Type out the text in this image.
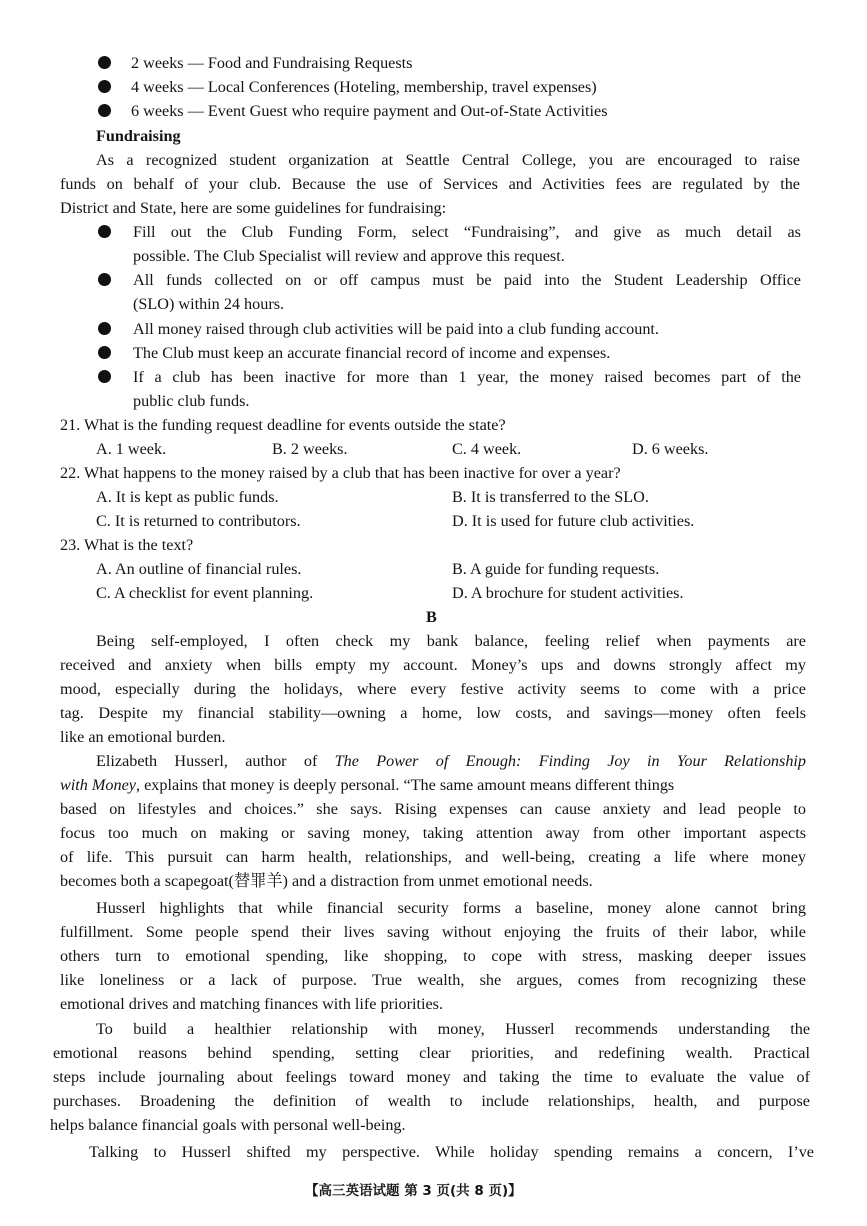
2 weeks — Food and Fundraising Requests
4 weeks — Local Conferences (Hoteling, membership, travel expenses)
6 weeks — Event Guest who require payment and Out-of-State Activities
Fundraising
As a recognized student organization at Seattle Central College, you are encouraged to raise
funds on behalf of your club. Because the use of Services and Activities fees are regulated by the
District and State, here are some guidelines for fundraising:
Fill out the Club Funding Form, select “Fundraising”, and give as much detail as
possible. The Club Specialist will review and approve this request.
All funds collected on or off campus must be paid into the Student Leadership Office
(SLO) within 24 hours.
All money raised through club activities will be paid into a club funding account.
The Club must keep an accurate financial record of income and expenses.
If a club has been inactive for more than 1 year, the money raised becomes part of the
public club funds.
21. What is the funding request deadline for events outside the state?
A. 1 week.	B. 2 weeks.	C. 4 week.	D. 6 weeks.
22. What happens to the money raised by a club that has been inactive for over a year?
A. It is kept as public funds.	B. It is transferred to the SLO.
C. It is returned to contributors.	D. It is used for future club activities.
23. What is the text?
A. An outline of financial rules.	B. A guide for funding requests.
C. A checklist for event planning.	D. A brochure for student activities.
B
Being self-employed, I often check my bank balance, feeling relief when payments are
received and anxiety when bills empty my account. Money’s ups and downs strongly affect my
mood, especially during the holidays, where every festive activity seems to come with a price
tag. Despite my financial stability—owning a home, low costs, and savings—money often feels
like an emotional burden.
Elizabeth Husserl, author of The Power of Enough: Finding Joy in Your Relationship
with Money, explains that money is deeply personal. “The same amount means different things
based on lifestyles and choices.” she says. Rising expenses can cause anxiety and lead people to
focus too much on making or saving money, taking attention away from other important aspects
of life. This pursuit can harm health, relationships, and well-being, creating a life where money
becomes both a scapegoat(替罪羊) and a distraction from unmet emotional needs.
Husserl highlights that while financial security forms a baseline, money alone cannot bring
fulfillment. Some people spend their lives saving without enjoying the fruits of their labor, while
others turn to emotional spending, like shopping, to cope with stress, masking deeper issues
like loneliness or a lack of purpose. True wealth, she argues, comes from recognizing these
emotional drives and matching finances with life priorities.
To build a healthier relationship with money, Husserl recommends understanding the
emotional reasons behind spending, setting clear priorities, and redefining wealth. Practical
steps include journaling about feelings toward money and taking the time to evaluate the value of
purchases. Broadening the definition of wealth to include relationships, health, and purpose
helps balance financial goals with personal well-being.
Talking to Husserl shifted my perspective. While holiday spending remains a concern, I’ve
【高三英语试题 第 3 页(共 8 页)】
